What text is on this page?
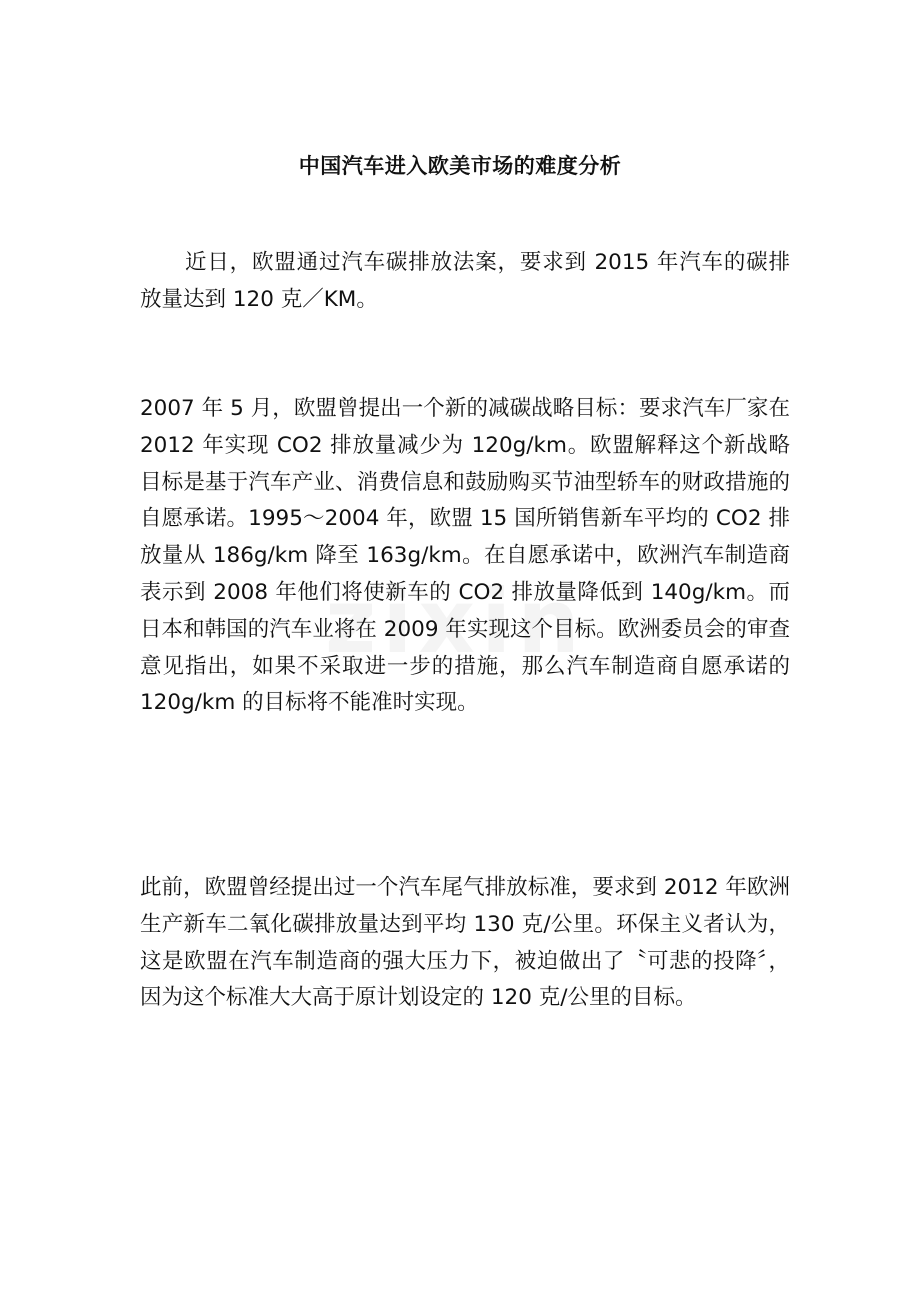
中国汽车进入欧美市场的难度分析

近日，欧盟通过汽车碳排放法案，要求到 2015 年汽车的碳排放量达到 120 克／KM。

2007 年 5 月，欧盟曾提出一个新的减碳战略目标：要求汽车厂家在 2012 年实现 CO2 排放量减少为 120g/km。欧盟解释这个新战略目标是基于汽车产业、消费信息和鼓励购买节油型轿车的财政措施的自愿承诺。1995～2004 年，欧盟 15 国所销售新车平均的 CO2 排放量从 186g/km 降至 163g/km。在自愿承诺中，欧洲汽车制造商表示到 2008 年他们将使新车的 CO2 排放量降低到 140g/km。而日本和韩国的汽车业将在 2009 年实现这个目标。欧洲委员会的审查意见指出，如果不采取进一步的措施，那么汽车制造商自愿承诺的 120g/km 的目标将不能准时实现。

此前，欧盟曾经提出过一个汽车尾气排放标准，要求到 2012 年欧洲生产新车二氧化碳排放量达到平均 130 克/公里。环保主义者认为，这是欧盟在汽车制造商的强大压力下，被迫做出了〝可悲的投降〞，因为这个标准大大高于原计划设定的 120 克/公里的目标。
